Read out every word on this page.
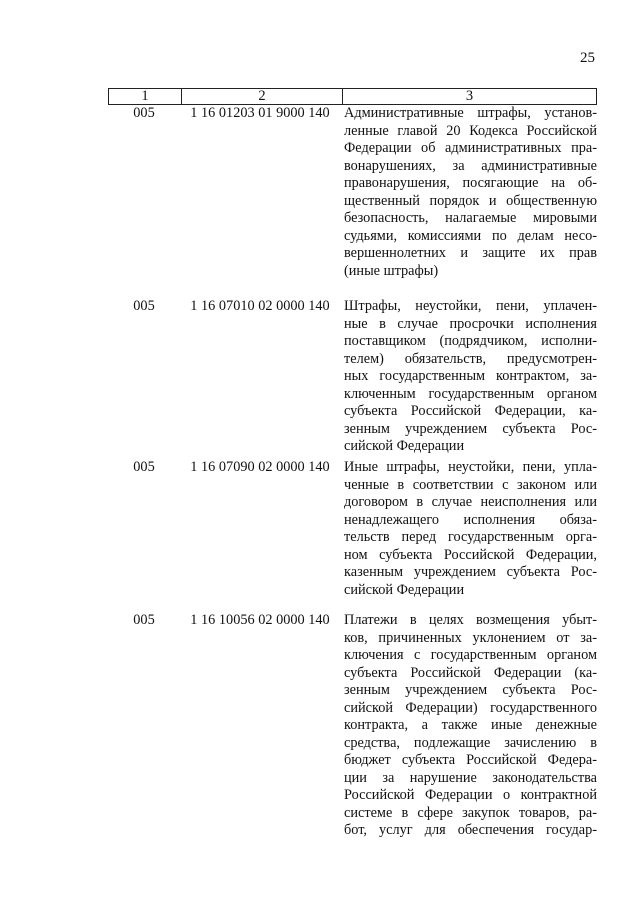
25
1	2	3
005	1 16 01203 01 9000 140 Административные штрафы, установ-
ленные главой 20 Кодекса Российской
Федерации об административных пра-
вонарушениях, за административные
правонарушения, посягающие на об-
щественный порядок и общественную
безопасность, налагаемые мировыми
судьями, комиссиями по делам несо-
вершеннолетних и защите их прав
(иные штрафы)
005	1 16 07010 02 0000 140 Штрафы, неустойки, пени, уплачен-
ные в случае просрочки исполнения
поставщиком (подрядчиком, исполни-
телем) обязательств, предусмотрен-
ных государственным контрактом, за-
ключенным государственным органом
субъекта Российской Федерации, ка-
зенным учреждением субъекта Рос-
сийской Федерации
005	1 16 07090 02 0000 140 Иные штрафы, неустойки, пени, упла-
ченные в соответствии с законом или
договором в случае неисполнения или
ненадлежащего исполнения обяза-
тельств перед государственным орга-
ном субъекта Российской Федерации,
казенным учреждением субъекта Рос-
сийской Федерации
005	1 16 10056 02 0000 140 Платежи в целях возмещения убыт-
ков, причиненных уклонением от за-
ключения с государственным органом
субъекта Российской Федерации (ка-
зенным учреждением субъекта Рос-
сийской Федерации) государственного
контракта, а также иные денежные
средства, подлежащие зачислению в
бюджет субъекта Российской Федера-
ции за нарушение законодательства
Российской Федерации о контрактной
системе в сфере закупок товаров, ра-
бот, услуг для обеспечения государ-
